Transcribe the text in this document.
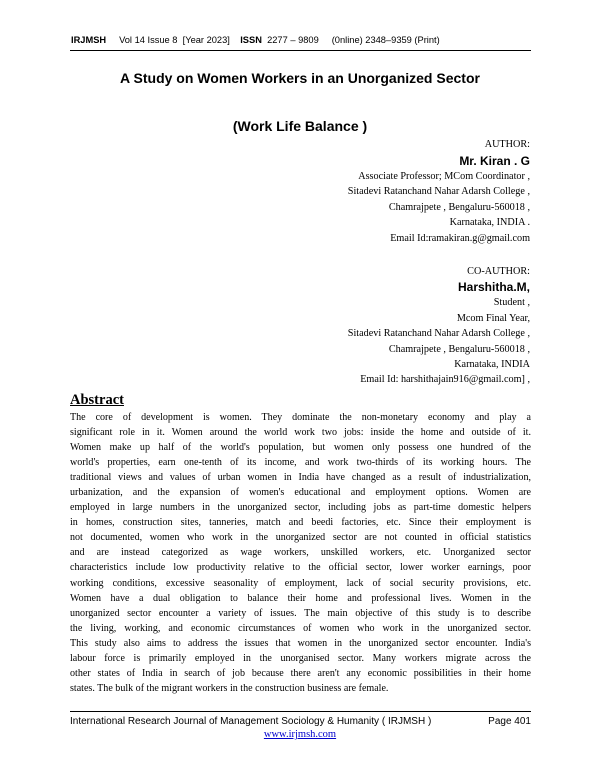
IRJMSH Vol 14 Issue 8 [Year 2023] ISSN 2277 – 9809 (0nline) 2348–9359 (Print)
A Study on Women Workers in an Unorganized Sector
(Work Life Balance )
AUTHOR:
Mr. Kiran . G
Associate Professor; MCom Coordinator ,
Sitadevi Ratanchand Nahar Adarsh College ,
Chamrajpete , Bengaluru-560018 ,
Karnataka, INDIA .
Email Id:ramakiran.g@gmail.com
CO-AUTHOR:
Harshitha.M,
Student ,
Mcom Final Year,
Sitadevi Ratanchand Nahar Adarsh College ,
Chamrajpete , Bengaluru-560018 ,
Karnataka, INDIA
Email Id: harshithajain916@gmail.com] ,
Abstract
The core of development is women. They dominate the non-monetary economy and play a
significant role in it. Women around the world work two jobs: inside the home and outside of it.
Women make up half of the world's population, but women only possess one hundred of the
world's properties, earn one-tenth of its income, and work two-thirds of its working hours. The
traditional views and values of urban women in India have changed as a result of industrialization,
urbanization, and the expansion of women's educational and employment options. Women are
employed in large numbers in the unorganized sector, including jobs as part-time domestic helpers
in homes, construction sites, tanneries, match and beedi factories, etc. Since their employment is
not documented, women who work in the unorganized sector are not counted in official statistics
and are instead categorized as wage workers, unskilled workers, etc. Unorganized sector
characteristics include low productivity relative to the official sector, lower worker earnings, poor
working conditions, excessive seasonality of employment, lack of social security provisions, etc.
Women have a dual obligation to balance their home and professional lives. Women in the
unorganized sector encounter a variety of issues. The main objective of this study is to describe
the living, working, and economic circumstances of women who work in the unorganized sector.
This study also aims to address the issues that women in the unorganized sector encounter. India's
labour force is primarily employed in the unorganised sector. Many workers migrate across the
other states of India in search of job because there aren't any economic possibilities in their home
states. The bulk of the migrant workers in the construction business are female.
International Research Journal of Management Sociology & Humanity ( IRJMSH )	Page 401
www.irjmsh.com
